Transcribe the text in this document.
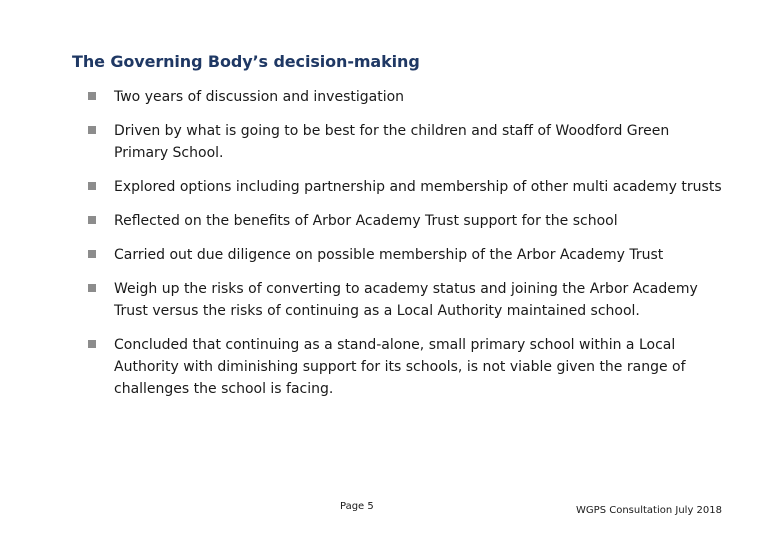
The Governing Body’s decision-making
Two years of discussion and investigation
Driven by what is going to be best for the children and staff of Woodford Green Primary School.
Explored options including partnership and membership of other multi academy trusts
Reflected on the benefits of Arbor Academy Trust support for the school
Carried out due diligence on possible membership of the Arbor Academy Trust
Weigh up the risks of converting to academy status and joining the Arbor Academy Trust versus the risks of continuing as a Local Authority maintained school.
Concluded that continuing as a stand-alone, small primary school within a Local Authority with diminishing support for its schools, is not viable given the range of challenges the school is facing.
Page 5	WGPS Consultation July 2018
